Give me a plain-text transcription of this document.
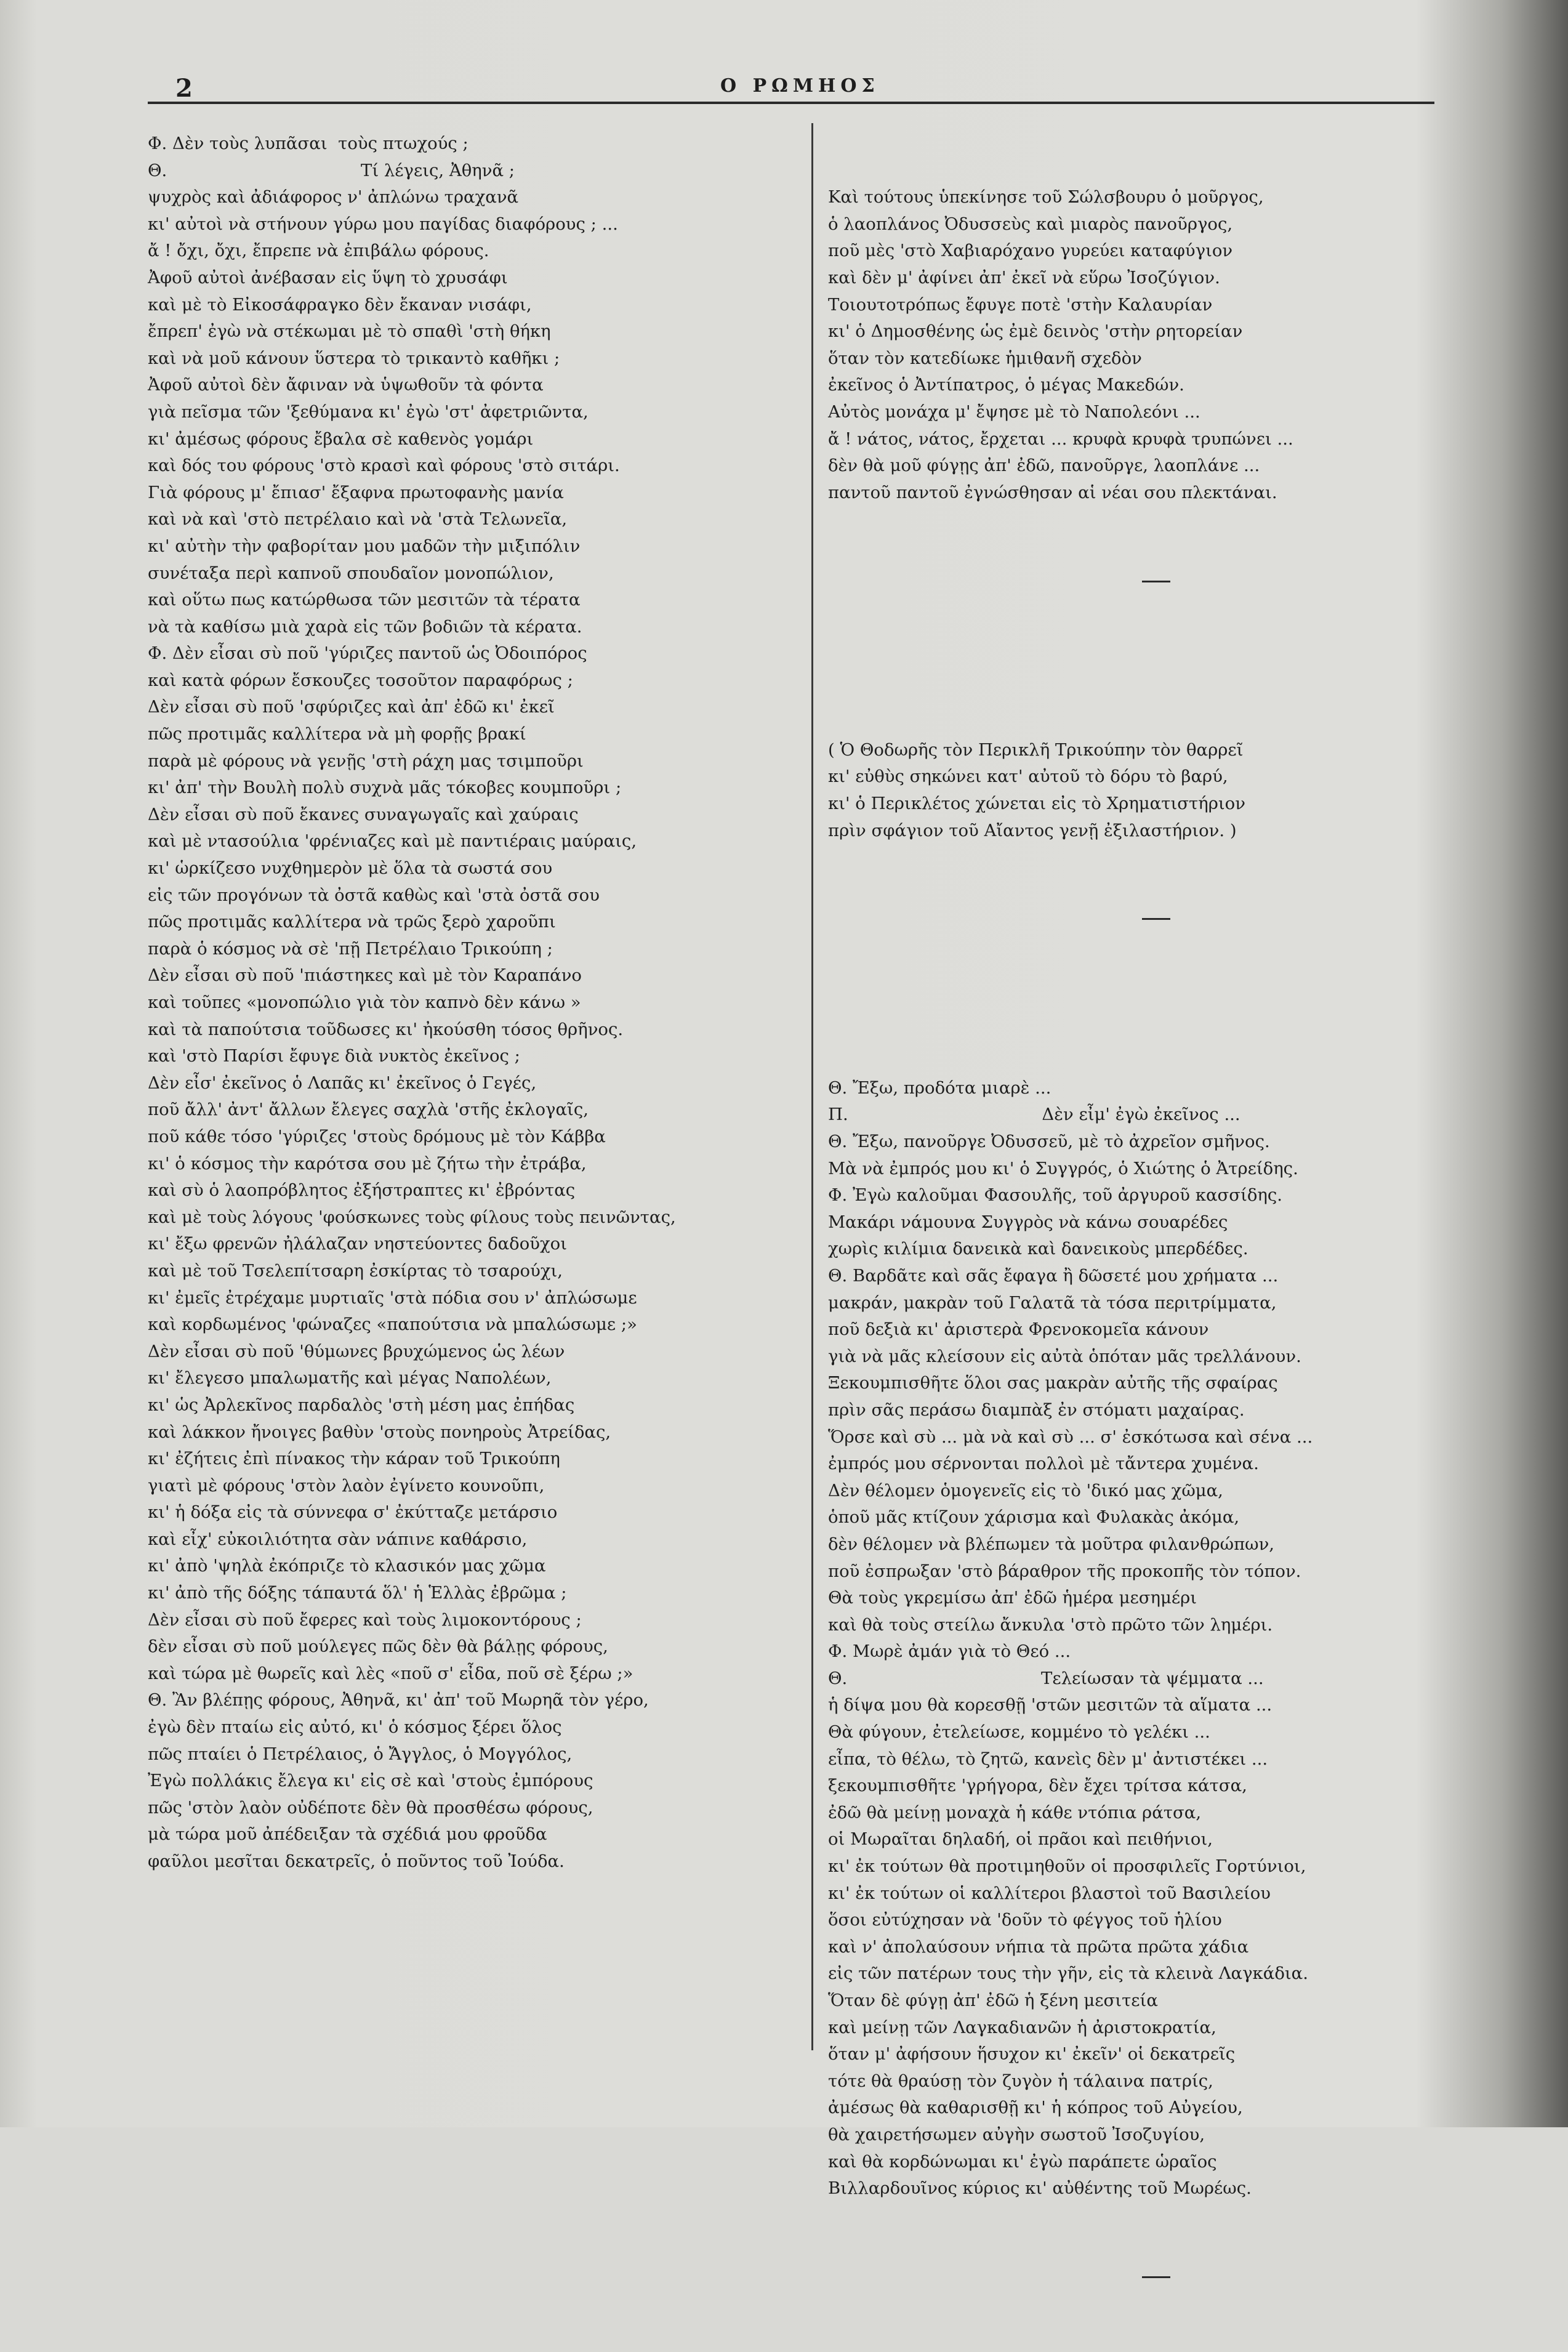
2	Ο ΡΩΜΗΟΣ
Φ. Δὲν τοὺς λυπᾶσαι  τοὺς πτωχούς ;
Θ.                                    Τί λέγεις, Ἀθηνᾶ ;
ψυχρὸς καὶ ἀδιάφορος ν' ἀπλώνω τραχανᾶ
κι' αὐτοὶ νὰ στήνουν γύρω μου παγίδας διαφόρους ; ...
ἄ ! ὄχι, ὄχι, ἔπρεπε νὰ ἐπιβάλω φόρους.
Ἀφοῦ αὐτοὶ ἀνέβασαν εἰς ὕψη τὸ χρυσάφι
καὶ μὲ τὸ Εἰκοσάφραγκο δὲν ἔκαναν νισάφι,
ἔπρεπ' ἐγὼ νὰ στέκωμαι μὲ τὸ σπαθὶ 'στὴ θήκη
καὶ νὰ μοῦ κάνουν ὕστερα τὸ τρικαντὸ καθῆκι ;
Ἀφοῦ αὐτοὶ δὲν ἄφιναν νὰ ὑψωθοῦν τὰ φόντα
γιὰ πεῖσμα τῶν 'ξεθύμανα κι' ἐγὼ 'στ' ἀφετριῶντα,
κι' ἀμέσως φόρους ἔβαλα σὲ καθενὸς γομάρι
καὶ δός του φόρους 'στὸ κρασὶ καὶ φόρους 'στὸ σιτάρι.
Γιὰ φόρους μ' ἔπιασ' ἔξαφνα πρωτοφανὴς μανία
καὶ νὰ καὶ 'στὸ πετρέλαιο καὶ νὰ 'στὰ Τελωνεῖα,
κι' αὐτὴν τὴν φαβορίταν μου μαδῶν τὴν μιξιπόλιν
συνέταξα περὶ καπνοῦ σπουδαῖον μονοπώλιον,
καὶ οὕτω πως κατώρθωσα τῶν μεσιτῶν τὰ τέρατα
νὰ τὰ καθίσω μιὰ χαρὰ εἰς τῶν βοδιῶν τὰ κέρατα.
Φ. Δὲν εἶσαι σὺ ποῦ 'γύριζες παντοῦ ὡς Ὀδοιπόρος
καὶ κατὰ φόρων ἔσκουζες τοσοῦτον παραφόρως ;
Δὲν εἶσαι σὺ ποῦ 'σφύριζες καὶ ἀπ' ἐδῶ κι' ἐκεῖ
πῶς προτιμᾶς καλλίτερα νὰ μὴ φορῇς βρακί
παρὰ μὲ φόρους νὰ γενῇς 'στὴ ράχη μας τσιμποῦρι
κι' ἀπ' τὴν Βουλὴ πολὺ συχνὰ μᾶς τόκοβες κουμποῦρι ;
Δὲν εἶσαι σὺ ποῦ ἔκανες συναγωγαῖς καὶ χαύραις
καὶ μὲ ντασούλια 'φρένιαζες καὶ μὲ παντιέραις μαύραις,
κι' ὡρκίζεσο νυχθημερὸν μὲ ὅλα τὰ σωστά σου
εἰς τῶν προγόνων τὰ ὀστᾶ καθὼς καὶ 'στὰ ὀστᾶ σου
πῶς προτιμᾶς καλλίτερα νὰ τρῶς ξερὸ χαροῦπι
παρὰ ὁ κόσμος νὰ σὲ 'πῇ Πετρέλαιο Τρικούπη ;
Δὲν εἶσαι σὺ ποῦ 'πιάστηκες καὶ μὲ τὸν Καραπάνο
καὶ τοῦπες «μονοπώλιο γιὰ τὸν καπνὸ δὲν κάνω »
καὶ τὰ παπούτσια τοῦδωσες κι' ἠκούσθη τόσος θρῆνος.
καὶ 'στὸ Παρίσι ἔφυγε διὰ νυκτὸς ἐκεῖνος ;
Δὲν εἶσ' ἐκεῖνος ὁ Λαπᾶς κι' ἐκεῖνος ὁ Γεγές,
ποῦ ἄλλ' ἀντ' ἄλλων ἔλεγες σαχλὰ 'στῆς ἐκλογαῖς,
ποῦ κάθε τόσο 'γύριζες 'στοὺς δρόμους μὲ τὸν Κάββα
κι' ὁ κόσμος τὴν καρότσα σου μὲ ζήτω τὴν ἐτράβα,
καὶ σὺ ὁ λαοπρόβλητος ἐξήστραπτες κι' ἐβρόντας
καὶ μὲ τοὺς λόγους 'φούσκωνες τοὺς φίλους τοὺς πεινῶντας,
κι' ἔξω φρενῶν ἠλάλαζαν νηστεύοντες δαδοῦχοι
καὶ μὲ τοῦ Τσελεπίτσαρη ἐσκίρτας τὸ τσαρούχι,
κι' ἐμεῖς ἐτρέχαμε μυρτιαῖς 'στὰ πόδια σου ν' ἀπλώσωμε
καὶ κορδωμένος 'φώναζες «παπούτσια νὰ μπαλώσωμε ;»
Δὲν εἶσαι σὺ ποῦ 'θύμωνες βρυχώμενος ὡς λέων
κι' ἔλεγεσο μπαλωματῆς καὶ μέγας Ναπολέων,
κι' ὡς Ἀρλεκῖνος παρδαλὸς 'στὴ μέση μας ἐπήδας
καὶ λάκκον ἤνοιγες βαθὺν 'στοὺς πονηροὺς Ἀτρείδας,
κι' ἐζήτεις ἐπὶ πίνακος τὴν κάραν τοῦ Τρικούπη
γιατὶ μὲ φόρους 'στὸν λαὸν ἐγίνετο κουνοῦπι,
κι' ἡ δόξα εἰς τὰ σύννεφα σ' ἐκύτταζε μετάρσιο
καὶ εἶχ' εὐκοιλιότητα σὰν νάπινε καθάρσιο,
κι' ἀπὸ 'ψηλὰ ἐκόπριζε τὸ κλασικόν μας χῶμα
κι' ἀπὸ τῆς δόξης τάπαυτά ὅλ' ἡ Ἑλλὰς ἐβρῶμα ;
Δὲν εἶσαι σὺ ποῦ ἔφερες καὶ τοὺς λιμοκοντόρους ;
δὲν εἶσαι σὺ ποῦ μούλεγες πῶς δὲν θὰ βάλῃς φόρους,
καὶ τώρα μὲ θωρεῖς καὶ λὲς «ποῦ σ' εἶδα, ποῦ σὲ ξέρω ;»
Θ. Ἂν βλέπῃς φόρους, Ἀθηνᾶ, κι' ἀπ' τοῦ Μωρηᾶ τὸν γέρο,
ἐγὼ δὲν πταίω εἰς αὐτό, κι' ὁ κόσμος ξέρει ὅλος
πῶς πταίει ὁ Πετρέλαιος, ὁ Ἄγγλος, ὁ Μογγόλος,
Ἐγὼ πολλάκις ἔλεγα κι' εἰς σὲ καὶ 'στοὺς ἐμπόρους
πῶς 'στὸν λαὸν οὐδέποτε δὲν θὰ προσθέσω φόρους,
μὰ τώρα μοῦ ἀπέδειξαν τὰ σχέδιά μου φροῦδα
φαῦλοι μεσῖται δεκατρεῖς, ὁ ποῦντος τοῦ Ἰούδα.

Καὶ τούτους ὑπεκίνησε τοῦ Σώλσβουρυ ὁ μοῦργος,
ὁ λαοπλάνος Ὀδυσσεὺς καὶ μιαρὸς πανοῦργος,
ποῦ μὲς 'στὸ Χαβιαρόχανο γυρεύει καταφύγιον
καὶ δὲν μ' ἀφίνει ἀπ' ἐκεῖ νὰ εὕρω Ἰσοζύγιον.
Τοιουτοτρόπως ἔφυγε ποτὲ 'στὴν Καλαυρίαν
κι' ὁ Δημοσθένης ὡς ἐμὲ δεινὸς 'στὴν ρητορείαν
ὅταν τὸν κατεδίωκε ἡμιθανῆ σχεδὸν
ἐκεῖνος ὁ Ἀντίπατρος, ὁ μέγας Μακεδών.
Αὐτὸς μονάχα μ' ἔψησε μὲ τὸ Ναπολεόνι ...
ἄ ! νάτος, νάτος, ἔρχεται ... κρυφὰ κρυφὰ τρυπώνει ...
δὲν θὰ μοῦ φύγῃς ἀπ' ἐδῶ, πανοῦργε, λαοπλάνε ...
παντοῦ παντοῦ ἐγνώσθησαν αἱ νέαι σου πλεκτάναι.

( Ὁ Θοδωρῆς τὸν Περικλῆ Τρικούπην τὸν θαρρεῖ
κι' εὐθὺς σηκώνει κατ' αὐτοῦ τὸ δόρυ τὸ βαρύ,
κι' ὁ Περικλέτος χώνεται εἰς τὸ Χρηματιστήριον
πρὶν σφάγιον τοῦ Αἴαντος γενῇ ἐξιλαστήριον. )

Θ. Ἔξω, προδότα μιαρὲ ...
Π.                                    Δὲν εἶμ' ἐγὼ ἐκεῖνος ...
Θ. Ἔξω, πανοῦργε Ὀδυσσεῦ, μὲ τὸ ἀχρεῖον σμῆνος.
Μὰ νὰ ἐμπρός μου κι' ὁ Συγγρός, ὁ Χιώτης ὁ Ἀτρείδης.
Φ. Ἐγὼ καλοῦμαι Φασουλῆς, τοῦ ἀργυροῦ κασσίδης.
Μακάρι νάμουνα Συγγρὸς νὰ κάνω σουαρέδες
χωρὶς κιλίμια δανεικὰ καὶ δανεικοὺς μπερδέδες.
Θ. Βαρδᾶτε καὶ σᾶς ἔφαγα ἢ δῶσετέ μου χρήματα ...
μακράν, μακρὰν τοῦ Γαλατᾶ τὰ τόσα περιτρίμματα,
ποῦ δεξιὰ κι' ἀριστερὰ Φρενοκομεῖα κάνουν
γιὰ νὰ μᾶς κλείσουν εἰς αὐτὰ ὁπόταν μᾶς τρελλάνουν.
Ξεκουμπισθῆτε ὅλοι σας μακρὰν αὐτῆς τῆς σφαίρας
πρὶν σᾶς περάσω διαμπὰξ ἐν στόματι μαχαίρας.
Ὅρσε καὶ σὺ ... μὰ νὰ καὶ σὺ ... σ' ἐσκότωσα καὶ σένα ...
ἐμπρός μου σέρνονται πολλοὶ μὲ τἄντερα χυμένα.
Δὲν θέλομεν ὁμογενεῖς εἰς τὸ 'δικό μας χῶμα,
ὁποῦ μᾶς κτίζουν χάρισμα καὶ Φυλακὰς ἀκόμα,
δὲν θέλομεν νὰ βλέπωμεν τὰ μοῦτρα φιλανθρώπων,
ποῦ ἐσπρωξαν 'στὸ βάραθρον τῆς προκοπῆς τὸν τόπον.
Θὰ τοὺς γκρεμίσω ἀπ' ἐδῶ ἡμέρα μεσημέρι
καὶ θὰ τοὺς στείλω ἄνκυλα 'στὸ πρῶτο τῶν λημέρι.
Φ. Μωρὲ ἀμάν γιὰ τὸ Θεό ...
Θ.                                    Τελείωσαν τὰ ψέμματα ...
ἡ δίψα μου θὰ κορεσθῇ 'στῶν μεσιτῶν τὰ αἵματα ...
Θὰ φύγουν, ἐτελείωσε, κομμένο τὸ γελέκι ...
εἶπα, τὸ θέλω, τὸ ζητῶ, κανεὶς δὲν μ' ἀντιστέκει ...
ξεκουμπισθῆτε 'γρήγορα, δὲν ἔχει τρίτσα κάτσα,
ἐδῶ θὰ μείνῃ μοναχὰ ἡ κάθε ντόπια ράτσα,
οἱ Μωραῖται δηλαδή, οἱ πρᾶοι καὶ πειθήνιοι,
κι' ἐκ τούτων θὰ προτιμηθοῦν οἱ προσφιλεῖς Γορτύνιοι,
κι' ἐκ τούτων οἱ καλλίτεροι βλαστοὶ τοῦ Βασιλείου
ὅσοι εὐτύχησαν νὰ 'δοῦν τὸ φέγγος τοῦ ἡλίου
καὶ ν' ἀπολαύσουν νήπια τὰ πρῶτα πρῶτα χάδια
εἰς τῶν πατέρων τους τὴν γῆν, εἰς τὰ κλεινὰ Λαγκάδια.
Ὅταν δὲ φύγῃ ἀπ' ἐδῶ ἡ ξένη μεσιτεία
καὶ μείνῃ τῶν Λαγκαδιανῶν ἡ ἀριστοκρατία,
ὅταν μ' ἀφήσουν ἥσυχον κι' ἐκεῖν' οἱ δεκατρεῖς
τότε θὰ θραύσῃ τὸν ζυγὸν ἡ τάλαινα πατρίς,
ἀμέσως θὰ καθαρισθῇ κι' ἡ κόπρος τοῦ Αὐγείου,
θὰ χαιρετήσωμεν αὐγὴν σωστοῦ Ἰσοζυγίου,
καὶ θὰ κορδώνωμαι κι' ἐγὼ παράπετε ὡραῖος
Βιλλαρδουῖνος κύριος κι' αὐθέντης τοῦ Μωρέως.
